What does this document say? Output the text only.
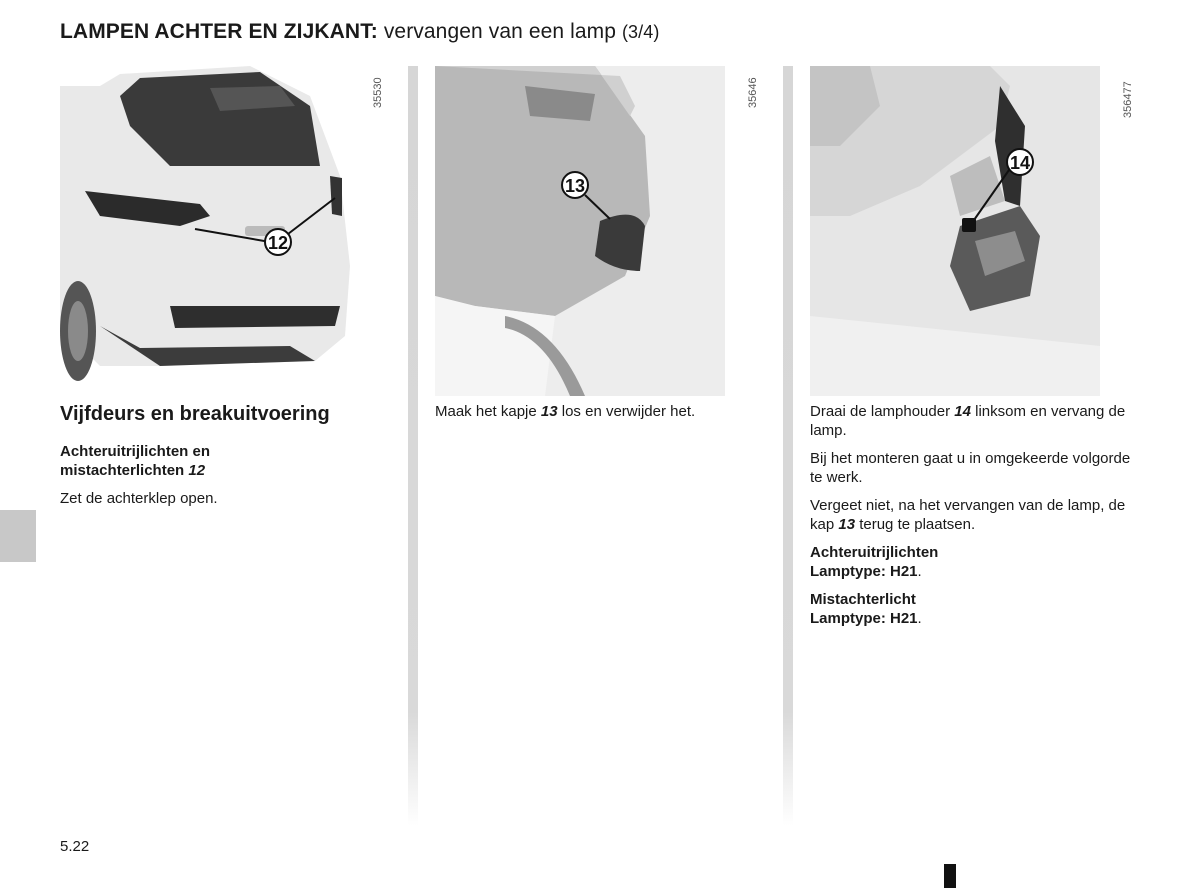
LAMPEN ACHTER EN ZIJKANT: vervangen van een lamp (3/4)
12
35530
13
35646
14
356477
Vijfdeurs en breakuitvoering

Achteruitrijlichten en
mistachterlichten 12

Zet de achterklep open.

Maak het kapje 13 los en verwijder het.	Draai de lamphouder 14 linksom en vervang de lamp.

Bij het monteren gaat u in omgekeerde volgorde te werk.

Vergeet niet, na het vervangen van de lamp, de kap 13 terug te plaatsen.

Achteruitrijlichten
Lamptype: H21.

Mistachterlicht
Lamptype: H21.

5.22
